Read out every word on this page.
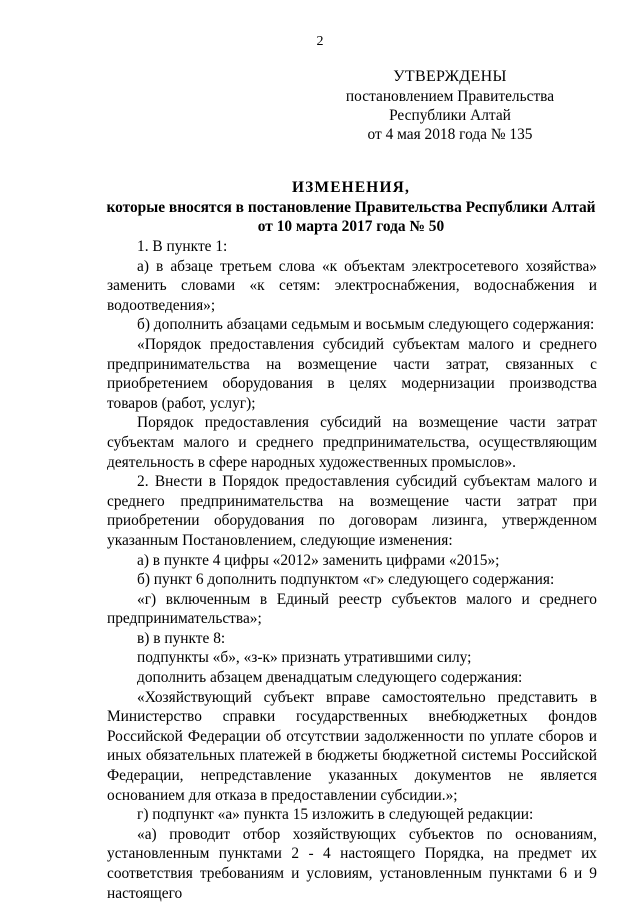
2
УТВЕРЖДЕНЫ
постановлением Правительства
Республики Алтай
от 4 мая 2018 года № 135
ИЗМЕНЕНИЯ,
которые вносятся в постановление Правительства Республики Алтай
от 10 марта 2017 года № 50

1. В пункте 1:

а) в абзаце третьем слова «к объектам электросетевого хозяйства» заменить словами «к сетям: электроснабжения, водоснабжения и водоотведения»;

б) дополнить абзацами седьмым и восьмым следующего содержания:

«Порядок предоставления субсидий субъектам малого и среднего предпринимательства на возмещение части затрат, связанных с приобретением оборудования в целях модернизации производства товаров (работ, услуг);

Порядок предоставления субсидий на возмещение части затрат субъектам малого и среднего предпринимательства, осуществляющим деятельность в сфере народных художественных промыслов».

2. Внести в Порядок предоставления субсидий субъектам малого и среднего предпринимательства на возмещение части затрат при приобретении оборудования по договорам лизинга, утвержденном указанным Постановлением, следующие изменения:

а) в пункте 4 цифры «2012» заменить цифрами «2015»;

б) пункт 6 дополнить подпунктом «г» следующего содержания:

«г) включенным в Единый реестр субъектов малого и среднего предпринимательства»;

в) в пункте 8:

подпункты «б», «з-к» признать утратившими силу;

дополнить абзацем двенадцатым следующего содержания:

«Хозяйствующий субъект вправе самостоятельно представить в Министерство справки государственных внебюджетных фондов Российской Федерации об отсутствии задолженности по уплате сборов и иных обязательных платежей в бюджеты бюджетной системы Российской Федерации, непредставление указанных документов не является основанием для отказа в предоставлении субсидии.»;

г) подпункт «а» пункта 15 изложить в следующей редакции:

«а) проводит отбор хозяйствующих субъектов по основаниям, установленным пунктами 2 - 4 настоящего Порядка, на предмет их соответствия требованиям и условиям, установленным пунктами 6 и 9 настоящего
